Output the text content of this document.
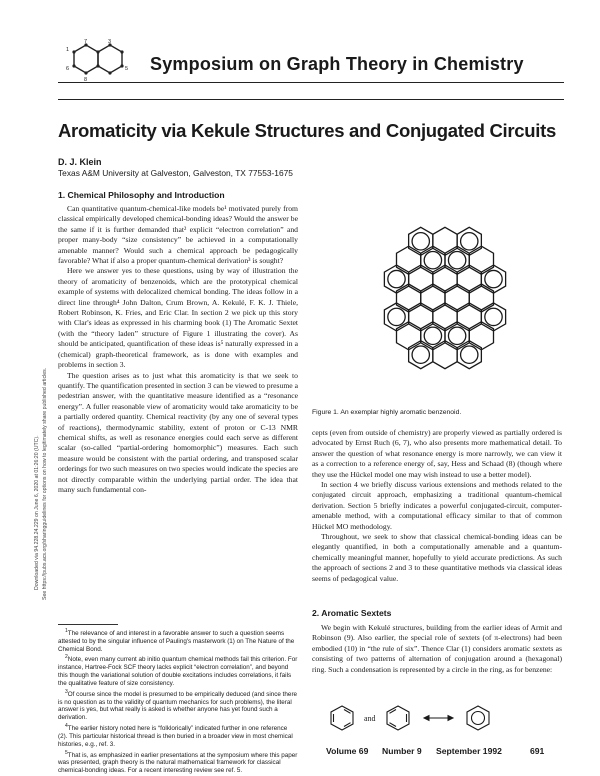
1
7	3
5
6
8
Symposium on Graph Theory in Chemistry
Aromaticity via Kekule Structures and Conjugated Circuits
D. J. Klein
Texas A&M University at Galveston, Galveston, TX 77553-1675
Downloaded via 94.228.24.229 on June 6, 2020 at 01:26:20 (UTC). See https://pubs.acs.org/sharingguidelines for options on how to legitimately share published articles.
1. Chemical Philosophy and Introduction

Can quantitative quantum-chemical-like models be¹ motivated purely from classical empirically developed chemical-bonding ideas? Would the answer be the same if it is further demanded that² explicit “electron correlation” and proper many-body “size consistency” be achieved in a computationally amenable manner? Would such a chemical approach be pedagogically favorable? What if also a proper quantum-chemical derivation³ is sought?

Here we answer yes to these questions, using by way of illustration the theory of aromaticity of benzenoids, which are the prototypical chemical example of systems with delocalized chemical bonding. The ideas follow in a direct line through⁴ John Dalton, Crum Brown, A. Kekulé, F. K. J. Thiele, Robert Robinson, K. Fries, and Eric Clar. In section 2 we pick up this story with Clar's ideas as expressed in his charming book (1) The Aromatic Sextet (with the “theory laden” structure of Figure 1 illustrating the cover). As should be anticipated, quantification of these ideas is⁵ naturally expressed in a (chemical) graph-theoretical framework, as is done with examples and problems in section 3.

The question arises as to just what this aromaticity is that we seek to quantify. The quantification presented in section 3 can be viewed to presume a pedestrian answer, with the quantitative measure identified as a “resonance energy”. A fuller reasonable view of aromaticity would take aromaticity to be a partially ordered quantity. Chemical reactivity (by any one of several types of reactions), thermodynamic stability, extent of proton or C-13 NMR chemical shifts, as well as resonance energies could each serve as different scalar (so-called “partial-ordering homomorphic”) measures. Each such measure would be consistent with the partial ordering, and transposed scalar orderings for two such measures on two species would indicate the species are not directly comparable within the underlying partial order. The idea that many such fundamental con-

$^1$The relevance of and interest in a favorable answer to such a question seems attested to by the singular influence of Pauling's masterwork (1) on The Nature of the Chemical Bond.

$^2$Note, even many current ab initio quantum chemical methods fail this criterion. For instance, Hartree-Fock SCF theory lacks explicit “electron correlation”, and beyond this though the variational solution of double excitations includes correlations, it fails the qualitative feature of size consistency.

$^3$Of course since the model is presumed to be empirically deduced (and since there is no question as to the validity of quantum mechanics for such problems), the literal answer is yes, but what really is asked is whether anyone has yet found such a derivation.

$^4$The earlier history noted here is “folklorically” indicated further in one reference (2). This particular historical thread is then buried in a broader view in most chemical histories, e.g., ref. 3.

$^5$That is, as emphasized in earlier presentations at the symposium where this paper was presented, graph theory is the natural mathematical framework for classical chemical-bonding ideas. For a recent interesting review see ref. 5.

Figure 1. An exemplar highly aromatic benzenoid.

cepts (even from outside of chemistry) are properly viewed as partially ordered is advocated by Ernst Ruch (6, 7), who also presents more mathematical detail. To answer the question of what resonance energy is more narrowly, we can view it as a correction to a reference energy of, say, Hess and Schaad (8) (though where they use the Hückel model one may wish instead to use a better model).

In section 4 we briefly discuss various extensions and methods related to the conjugated circuit approach, emphasizing a traditional quantum-chemical derivation. Section 5 briefly indicates a powerful conjugated-circuit, computer-amenable method, with a computational efficacy similar to that of common Hückel MO methodology.

Throughout, we seek to show that classical chemical-bonding ideas can be elegantly quantified, in both a computationally amenable and a quantum-chemically meaningful manner, hopefully to yield accurate predictions. As such the approach of sections 2 and 3 to these quantitative methods via classical ideas seems of pedagogical value.

2. Aromatic Sextets

We begin with Kekulé structures, building from the earlier ideas of Armit and Robinson (9). Also earlier, the special role of sextets (of π-electrons) had been embodied (10) in “the rule of six”. Thence Clar (1) considers aromatic sextets as consisting of two patterns of alternation of conjugation around a (hexagonal) ring. Such a condensation is represented by a circle in the ring, as for benzene:

and
Volume 69 Number 9 September 1992	691
